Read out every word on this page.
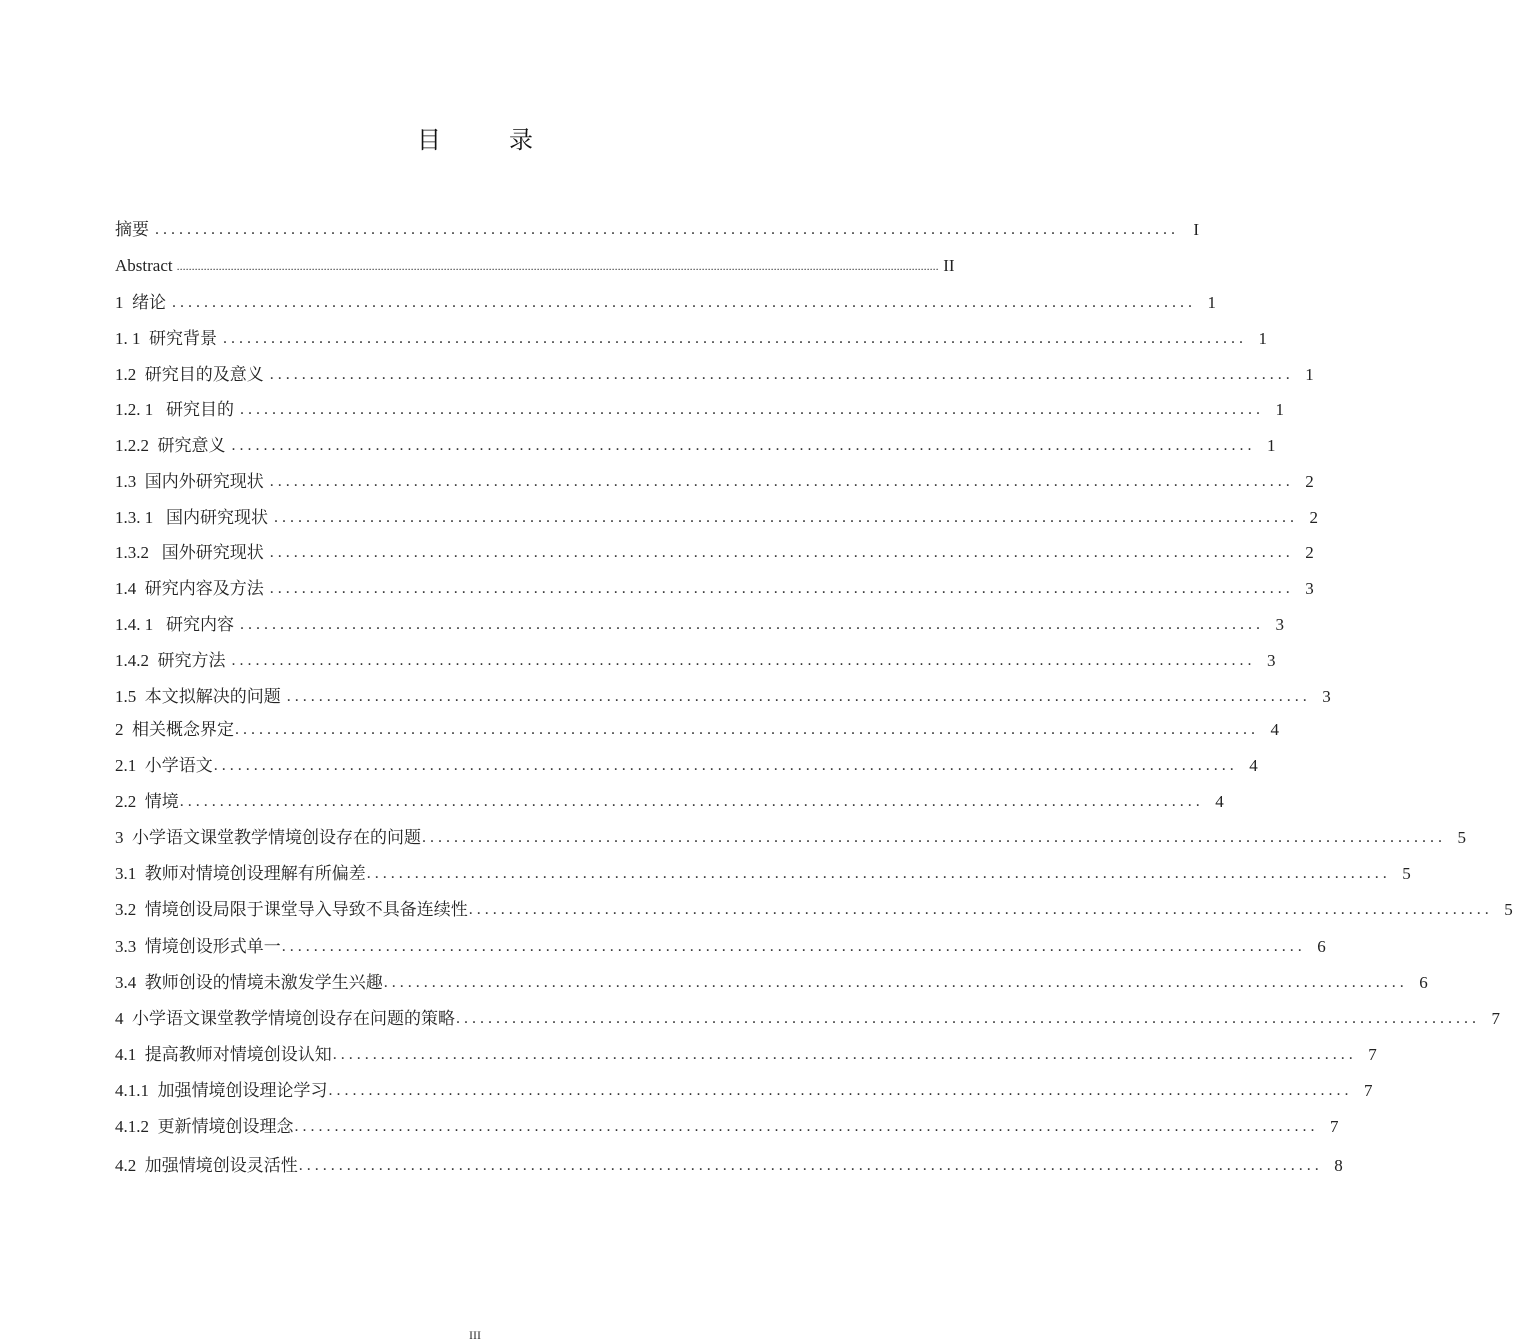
目　录
摘要 ................................................................................................................................ I
Abstract .............................................................................................................................................................................................................................................................. II
1  绪论 ................................................................................................................................ 1
1. 1  研究背景 ................................................................................................................................ 1
1.2  研究目的及意义 ................................................................................................................................ 1
1.2. 1   研究目的 ................................................................................................................................ 1
1.2.2  研究意义 ................................................................................................................................ 1
1.3  国内外研究现状 ................................................................................................................................ 2
1.3. 1   国内研究现状 ................................................................................................................................ 2
1.3.2   国外研究现状 ................................................................................................................................ 2
1.4  研究内容及方法 ................................................................................................................................ 3
1.4. 1   研究内容 ................................................................................................................................ 3
1.4.2  研究方法 ................................................................................................................................ 3
1.5  本文拟解决的问题 ................................................................................................................................ 3
2  相关概念界定 ................................................................................................................................ 4
2.1  小学语文 ................................................................................................................................ 4
2.2  情境 ................................................................................................................................ 4
3  小学语文课堂教学情境创设存在的问题 ................................................................................................................................ 5
3.1  教师对情境创设理解有所偏差 ................................................................................................................................ 5
3.2  情境创设局限于课堂导入导致不具备连续性 ................................................................................................................................ 5
3.3  情境创设形式单一 ................................................................................................................................ 6
3.4  教师创设的情境未激发学生兴趣 ................................................................................................................................ 6
4  小学语文课堂教学情境创设存在问题的策略 ................................................................................................................................ 7
4.1  提高教师对情境创设认知 ................................................................................................................................ 7
4.1.1  加强情境创设理论学习 ................................................................................................................................ 7
4.1.2  更新情境创设理念 ................................................................................................................................ 7
4.2  加强情境创设灵活性 ................................................................................................................................ 8
III
